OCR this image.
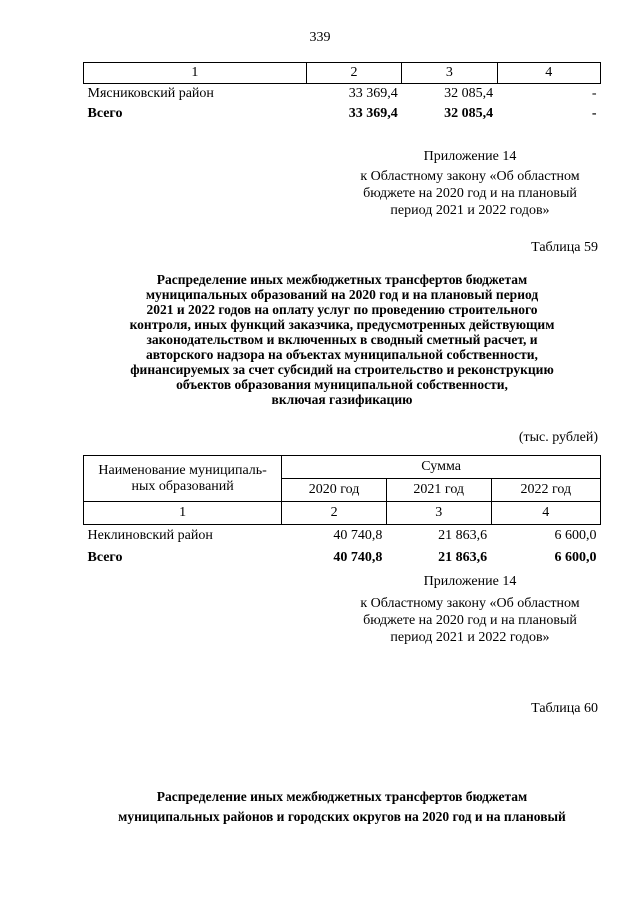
339
1	2	3	4
Мясниковский район	33 369,4	32 085,4	-
Всего	33 369,4	32 085,4	-
Приложение 14
к Областному закону «Об областном
бюджете на 2020 год и на плановый
период 2021 и 2022 годов»
Таблица 59
Распределение иных межбюджетных трансфертов бюджетам
муниципальных образований на 2020 год и на плановый период
2021 и 2022 годов на оплату услуг по проведению строительного
контроля, иных функций заказчика, предусмотренных действующим
законодательством и включенных в сводный сметный расчет, и
авторского надзора на объектах муниципальной собственности,
финансируемых за счет субсидий на строительство и реконструкцию
объектов образования муниципальной собственности,
включая газификацию
(тыс. рублей)
Наименование муниципаль-
ных образований	Сумма		
	2020 год	2021 год	2022 год
1	2	3	4
Неклиновский район	40 740,8	21 863,6	6 600,0
Всего	40 740,8	21 863,6	6 600,0
Приложение 14
к Областному закону «Об областном
бюджете на 2020 год и на плановый
период 2021 и 2022 годов»
Таблица 60
Распределение иных межбюджетных трансфертов бюджетам
муниципальных районов и городских округов на 2020 год и на плановый
